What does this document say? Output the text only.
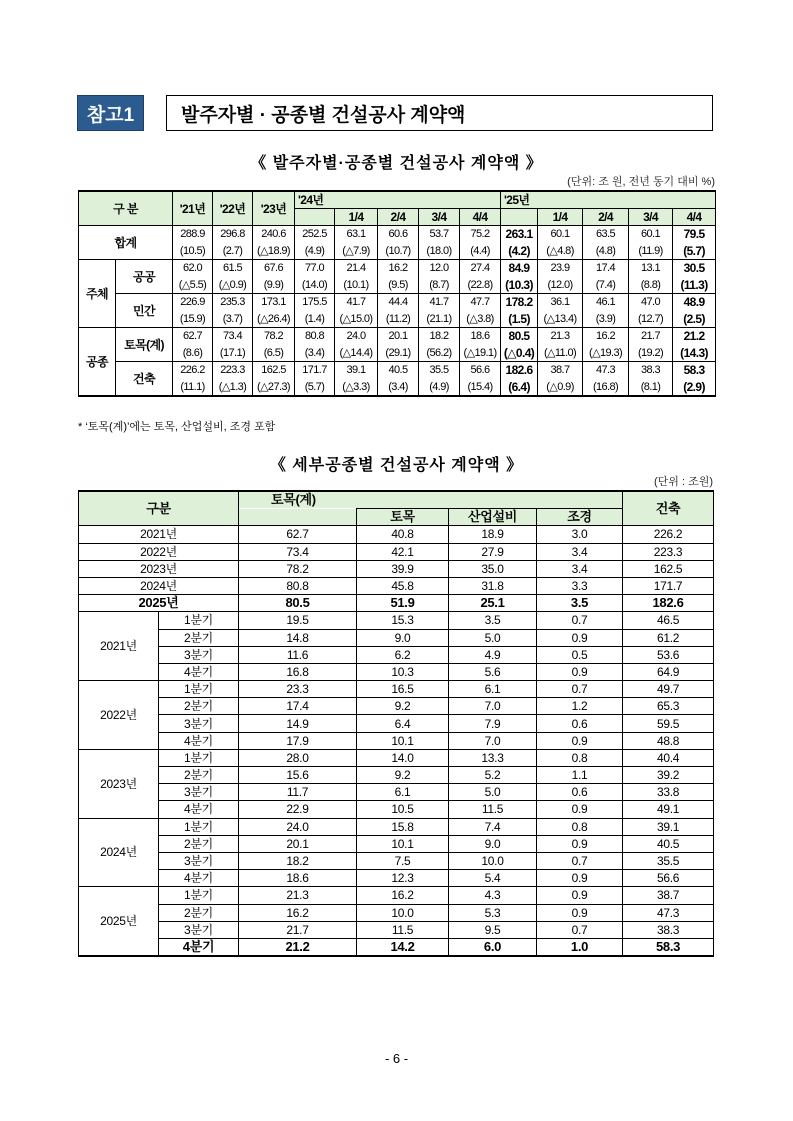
참고1	발주자별 · 공종별 건설공사 계약액
《 발주자별·공종별 건설공사 계약액 》
(단위: 조 원, 전년 동기 대비 %)
구 분		'21년	'22년	'23년	'24년					'25년				
						1/4	2/4	3/4	4/4		1/4	2/4	3/4	4/4
합계		288.9	296.8	240.6	252.5	63.1	60.6	53.7	75.2	263.1	60.1	63.5	60.1	79.5
		(10.5)	(2.7)	(△18.9)	(4.9)	(△7.9)	(10.7)	(18.0)	(4.4)	(4.2)	(△4.8)	(4.8)	(11.9)	(5.7)
주체	공공	62.0	61.5	67.6	77.0	21.4	16.2	12.0	27.4	84.9	23.9	17.4	13.1	30.5
		(△5.5)	(△0.9)	(9.9)	(14.0)	(10.1)	(9.5)	(8.7)	(22.8)	(10.3)	(12.0)	(7.4)	(8.8)	(11.3)
	민간	226.9	235.3	173.1	175.5	41.7	44.4	41.7	47.7	178.2	36.1	46.1	47.0	48.9
		(15.9)	(3.7)	(△26.4)	(1.4)	(△15.0)	(11.2)	(21.1)	(△3.8)	(1.5)	(△13.4)	(3.9)	(12.7)	(2.5)
공종	토목(계)	62.7	73.4	78.2	80.8	24.0	20.1	18.2	18.6	80.5	21.3	16.2	21.7	21.2
		(8.6)	(17.1)	(6.5)	(3.4)	(△14.4)	(29.1)	(56.2)	(△19.1)	(△0.4)	(△11.0)	(△19.3)	(19.2)	(14.3)
	건축	226.2	223.3	162.5	171.7	39.1	40.5	35.5	56.6	182.6	38.7	47.3	38.3	58.3
		(11.1)	(△1.3)	(△27.3)	(5.7)	(△3.3)	(3.4)	(4.9)	(15.4)	(6.4)	(△0.9)	(16.8)	(8.1)	(2.9)
* ‘토목(계)’에는 토목, 산업설비, 조경 포함
《 세부공종별 건설공사 계약액 》
(단위 : 조원)
구분		토목(계)				건축
			토목	산업설비	조경	
2021년		62.7	40.8	18.9	3.0	226.2
2022년		73.4	42.1	27.9	3.4	223.3
2023년		78.2	39.9	35.0	3.4	162.5
2024년		80.8	45.8	31.8	3.3	171.7
2025년		80.5	51.9	25.1	3.5	182.6
2021년	1분기	19.5	15.3	3.5	0.7	46.5
	2분기	14.8	9.0	5.0	0.9	61.2
	3분기	11.6	6.2	4.9	0.5	53.6
	4분기	16.8	10.3	5.6	0.9	64.9
2022년	1분기	23.3	16.5	6.1	0.7	49.7
	2분기	17.4	9.2	7.0	1.2	65.3
	3분기	14.9	6.4	7.9	0.6	59.5
	4분기	17.9	10.1	7.0	0.9	48.8
2023년	1분기	28.0	14.0	13.3	0.8	40.4
	2분기	15.6	9.2	5.2	1.1	39.2
	3분기	11.7	6.1	5.0	0.6	33.8
	4분기	22.9	10.5	11.5	0.9	49.1
2024년	1분기	24.0	15.8	7.4	0.8	39.1
	2분기	20.1	10.1	9.0	0.9	40.5
	3분기	18.2	7.5	10.0	0.7	35.5
	4분기	18.6	12.3	5.4	0.9	56.6
2025년	1분기	21.3	16.2	4.3	0.9	38.7
	2분기	16.2	10.0	5.3	0.9	47.3
	3분기	21.7	11.5	9.5	0.7	38.3
	4분기	21.2	14.2	6.0	1.0	58.3
- 6 -
